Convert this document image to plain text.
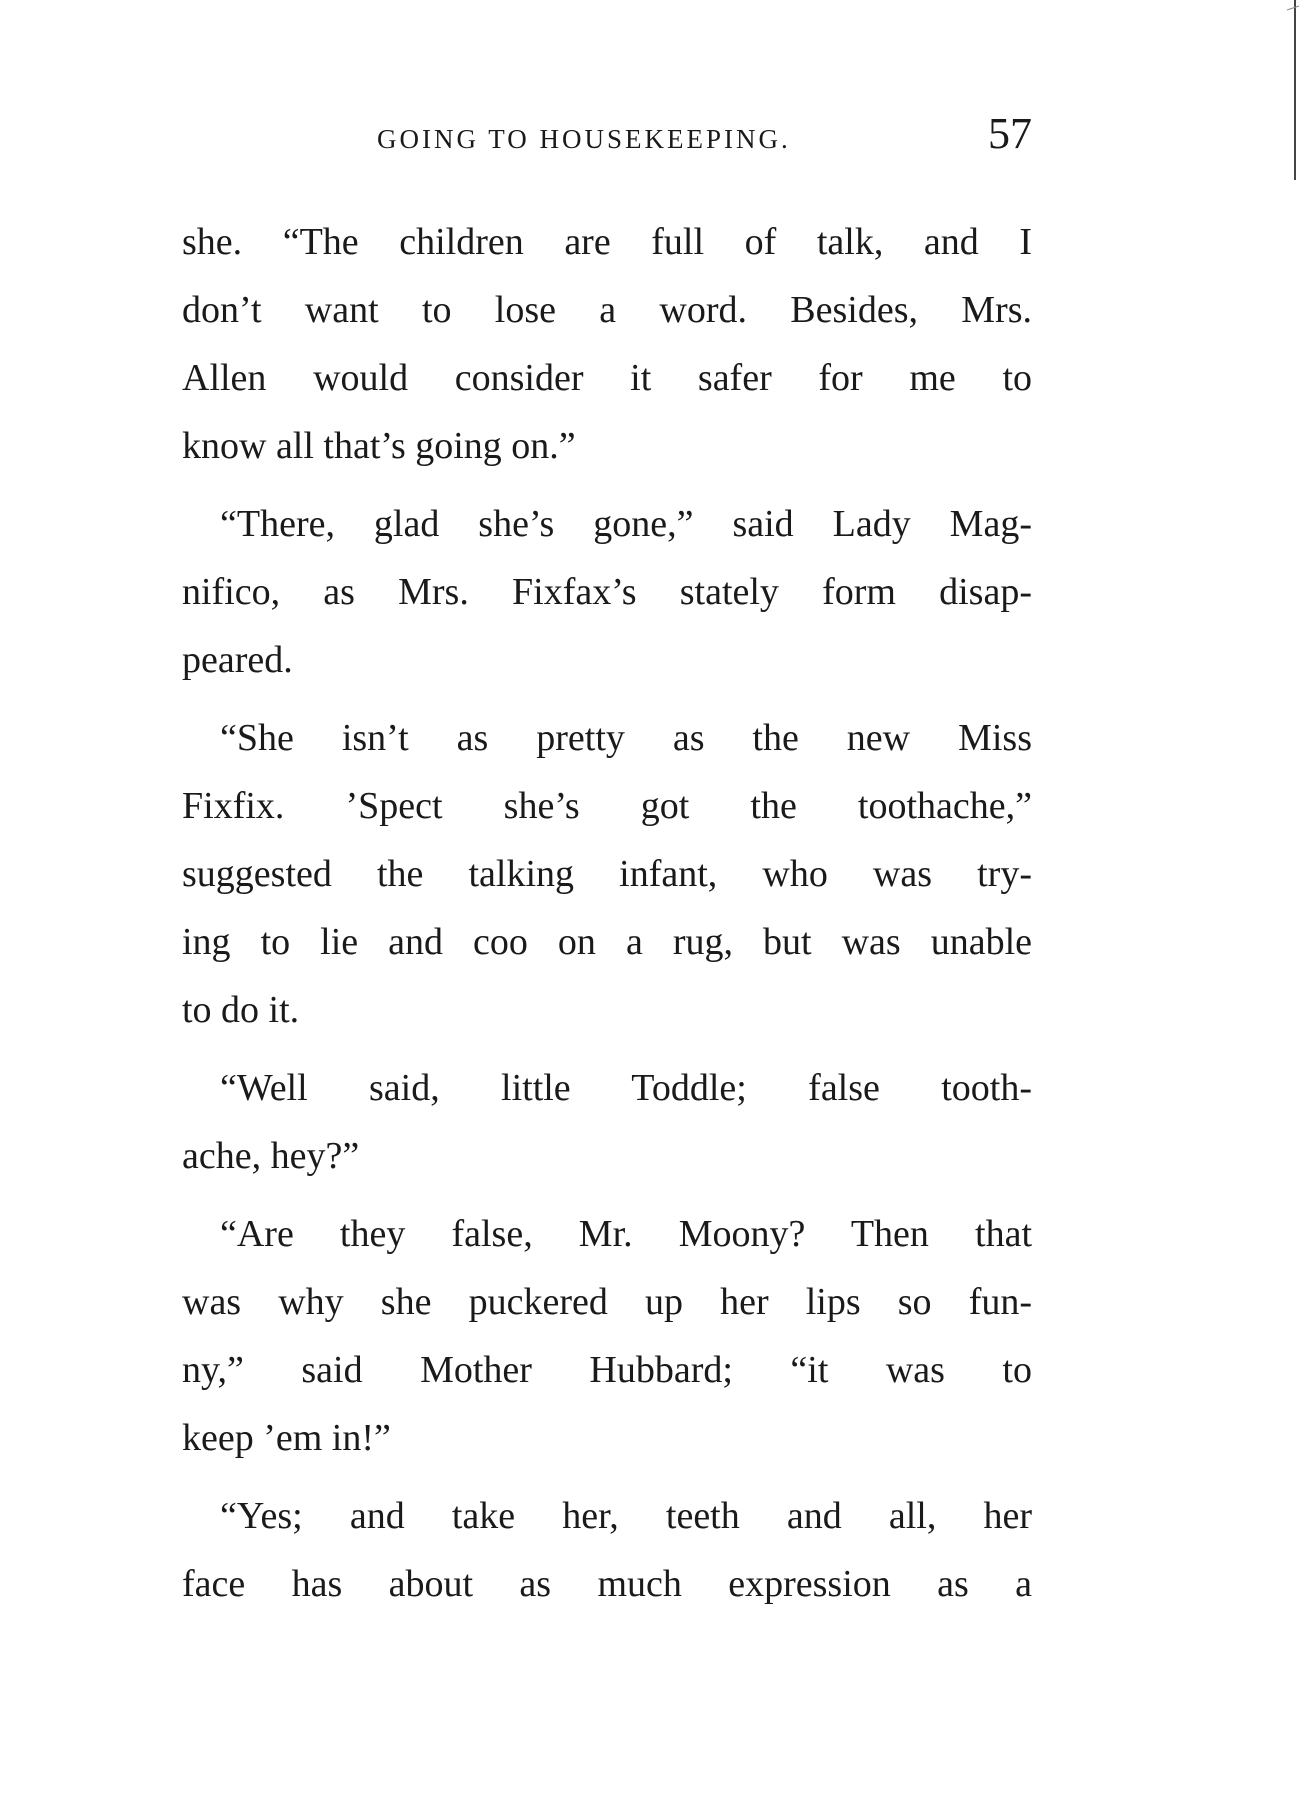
GOING TO HOUSEKEEPING.	57

she. “The children are full of talk, and I
don’t want to lose a word. Besides, Mrs.
Allen would consider it safer for me to
know all that’s going on.”

“There, glad she’s gone,” said Lady Mag-
nifico, as Mrs. Fixfax’s stately form disap-
peared.

“She isn’t as pretty as the new Miss
Fixfix. ’Spect she’s got the toothache,”
suggested the talking infant, who was try-
ing to lie and coo on a rug, but was unable
to do it.

“Well said, little Toddle; false tooth-
ache, hey?”

“Are they false, Mr. Moony? Then that
was why she puckered up her lips so fun-
ny,” said Mother Hubbard; “it was to
keep ’em in!”

“Yes; and take her, teeth and all, her
face has about as much expression as a
